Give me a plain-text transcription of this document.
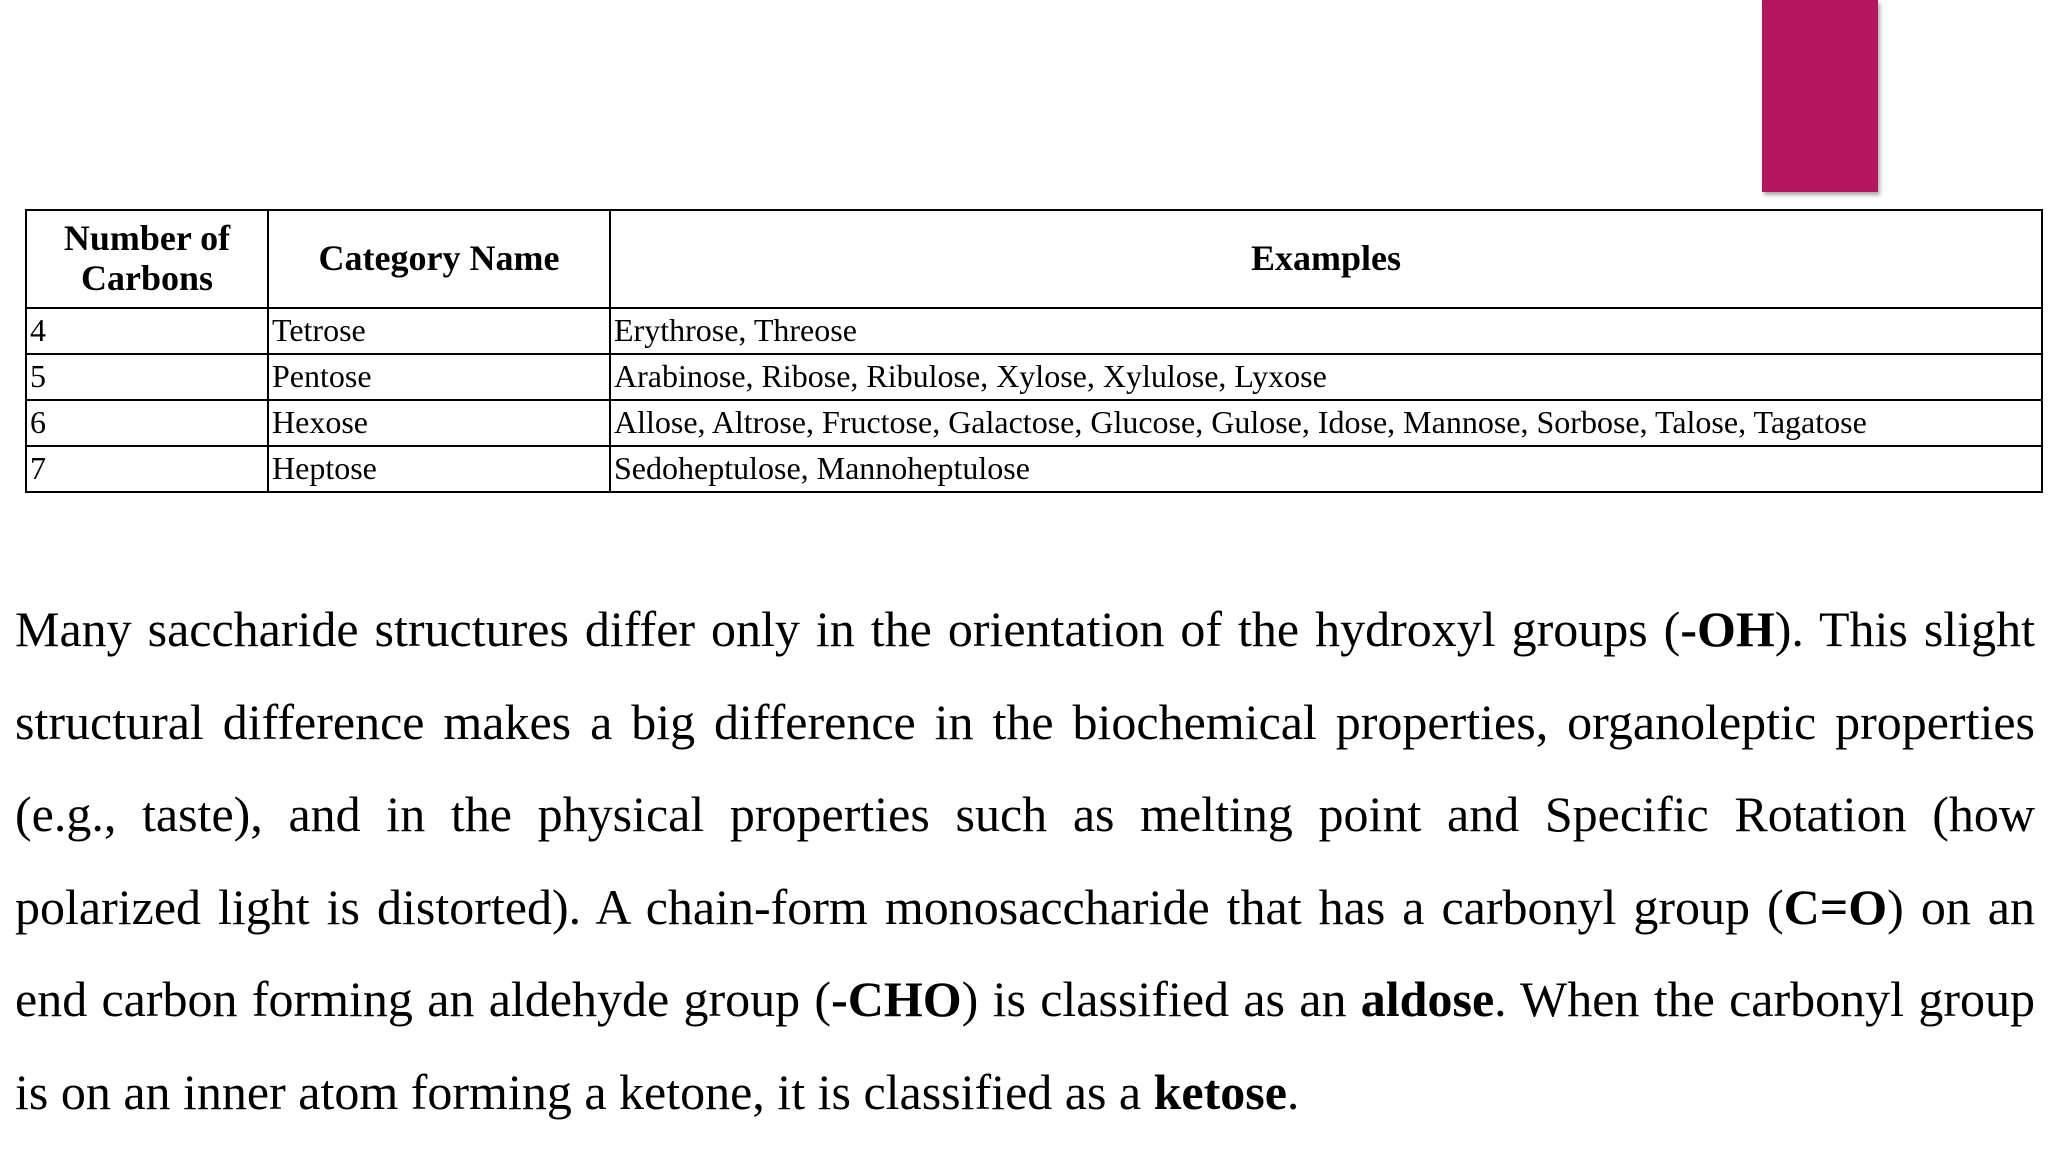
Number of Carbons	Category Name	Examples
4	Tetrose	Erythrose, Threose
5	Pentose	Arabinose, Ribose, Ribulose, Xylose, Xylulose, Lyxose
6	Hexose	Allose, Altrose, Fructose, Galactose, Glucose, Gulose, Idose, Mannose, Sorbose, Talose, Tagatose
7	Heptose	Sedoheptulose, Mannoheptulose

Many saccharide structures differ only in the orientation of the hydroxyl groups (-OH). This slight structural difference makes a big difference in the biochemical properties, organoleptic properties (e.g., taste), and in the physical properties such as melting point and Specific Rotation (how polarized light is distorted). A chain-form monosaccharide that has a carbonyl group (C=O) on an end carbon forming an aldehyde group (-CHO) is classified as an aldose. When the carbonyl group is on an inner atom forming a ketone, it is classified as a ketose.
